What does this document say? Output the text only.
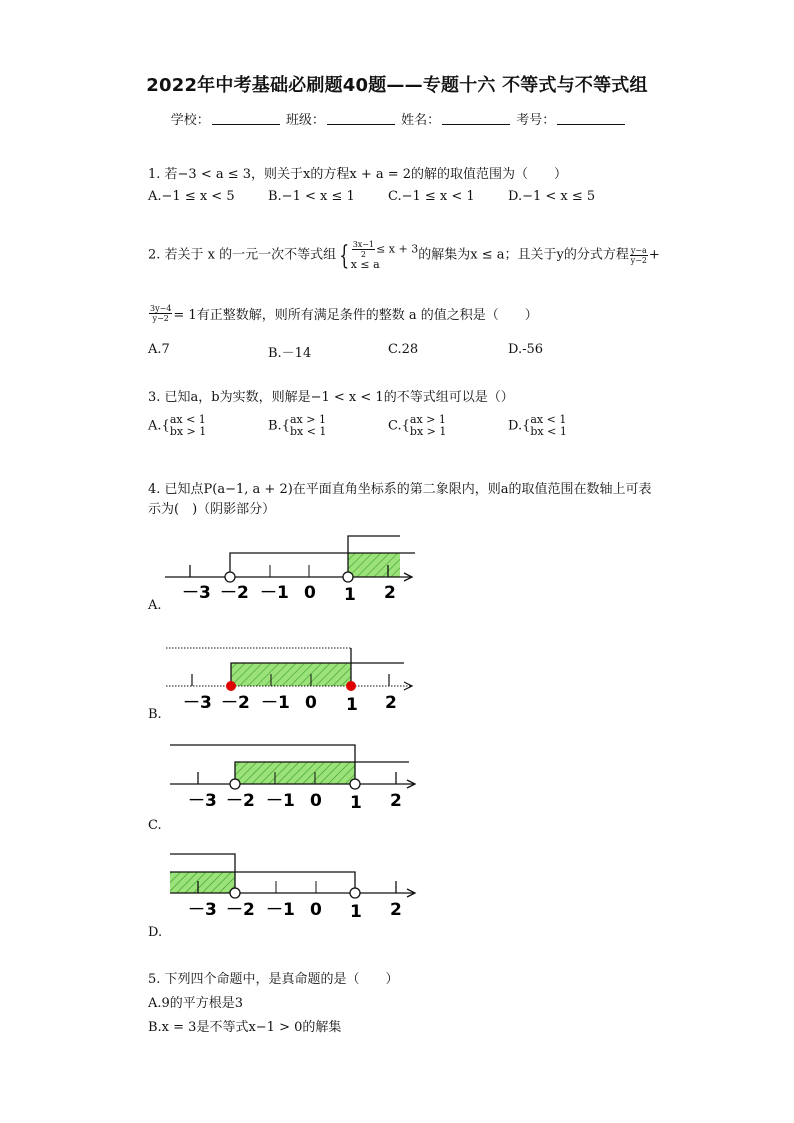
2022年中考基础必刷题40题——专题十六 不等式与不等式组
学校：	班级：	姓名：	考号：
1. 若−3 < a ≤ 3，则关于x的方程x + a = 2的解的取值范围为（　　）
A.−1 ≤ x < 5	B.−1 < x ≤ 1	C.−1 ≤ x < 1	D.−1 < x ≤ 5
2. 若关于 x 的一元一次不等式组 { $\frac{3x-1}{2} \le x + 3$
x ≤ a
的解集为x ≤ a；且关于y的分式方程 $\frac{y-a}{y-2}$ +
$\frac{3y-4}{y-2} = 1$有正整数解，则所有满足条件的整数 a 的值之积是（　　）
A.7	B.－14	C.28	D.-56
3. 已知a，b为实数，则解是−1 < x < 1的不等式组可以是（）
A.{ ax < 1
bx > 1	B.{ ax > 1
bx < 1	C.{ ax > 1
bx > 1	D.{ ax < 1
bx < 1
4. 已知点P(a−1, a + 2)在平面直角坐标系的第二象限内，则a的取值范围在数轴上可表
示为(　)（阴影部分）
－3 －2 －1 0 1 2
－3 －2 －1 0 1 2
－3 －2 －1 0 1 2
－3 －2 －1 0 1 2
A.
B.
C.
D.
5. 下列四个命题中，是真命题的是（　　）
A.9的平方根是3
B.x = 3是不等式x−1 > 0的解集
